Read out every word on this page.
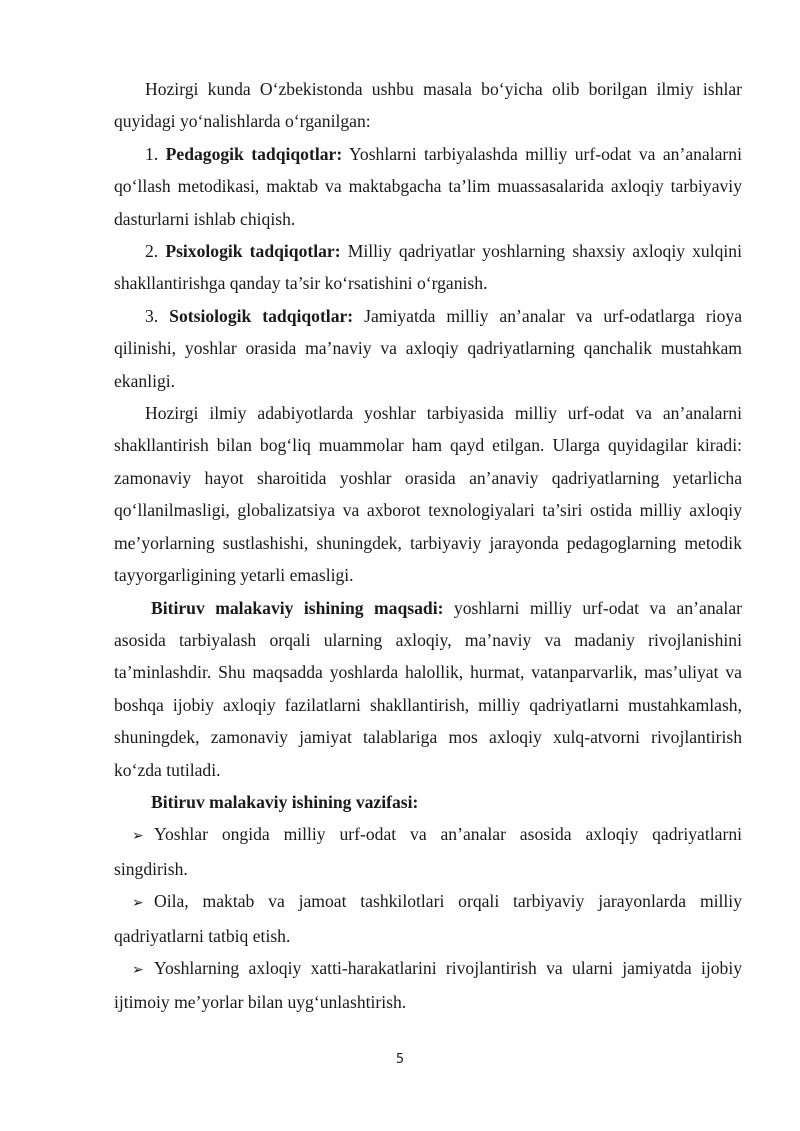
Hozirgi kunda O‘zbekistonda ushbu masala bo‘yicha olib borilgan ilmiy ishlar quyidagi yo‘nalishlarda o‘rganilgan:

1. Pedagogik tadqiqotlar: Yoshlarni tarbiyalashda milliy urf-odat va an’analarni qo‘llash metodikasi, maktab va maktabgacha ta’lim muassasalarida axloqiy tarbiyaviy dasturlarni ishlab chiqish.

2. Psixologik tadqiqotlar: Milliy qadriyatlar yoshlarning shaxsiy axloqiy xulqini shakllantirishga qanday ta’sir ko‘rsatishini o‘rganish.

3. Sotsiologik tadqiqotlar: Jamiyatda milliy an’analar va urf-odatlarga rioya qilinishi, yoshlar orasida ma’naviy va axloqiy qadriyatlarning qanchalik mustahkam ekanligi.

Hozirgi ilmiy adabiyotlarda yoshlar tarbiyasida milliy urf-odat va an’analarni shakllantirish bilan bog‘liq muammolar ham qayd etilgan. Ularga quyidagilar kiradi: zamonaviy hayot sharoitida yoshlar orasida an’anaviy qadriyatlarning yetarlicha qo‘llanilmasligi, globalizatsiya va axborot texnologiyalari ta’siri ostida milliy axloqiy me’yorlarning sustlashishi, shuningdek, tarbiyaviy jarayonda pedagoglarning metodik tayyorgarligining yetarli emasligi.

Bitiruv malakaviy ishining maqsadi: yoshlarni milliy urf-odat va an’analar asosida tarbiyalash orqali ularning axloqiy, ma’naviy va madaniy rivojlanishini ta’minlashdir. Shu maqsadda yoshlarda halollik, hurmat, vatanparvarlik, mas’uliyat va boshqa ijobiy axloqiy fazilatlarni shakllantirish, milliy qadriyatlarni mustahkamlash, shuningdek, zamonaviy jamiyat talablariga mos axloqiy xulq-atvorni rivojlantirish ko‘zda tutiladi.

Bitiruv malakaviy ishining vazifasi:

➢ Yoshlar ongida milliy urf-odat va an’analar asosida axloqiy qadriyatlarni singdirish.

➢ Oila, maktab va jamoat tashkilotlari orqali tarbiyaviy jarayonlarda milliy qadriyatlarni tatbiq etish.

➢ Yoshlarning axloqiy xatti-harakatlarini rivojlantirish va ularni jamiyatda ijobiy ijtimoiy me’yorlar bilan uyg‘unlashtirish.

5
